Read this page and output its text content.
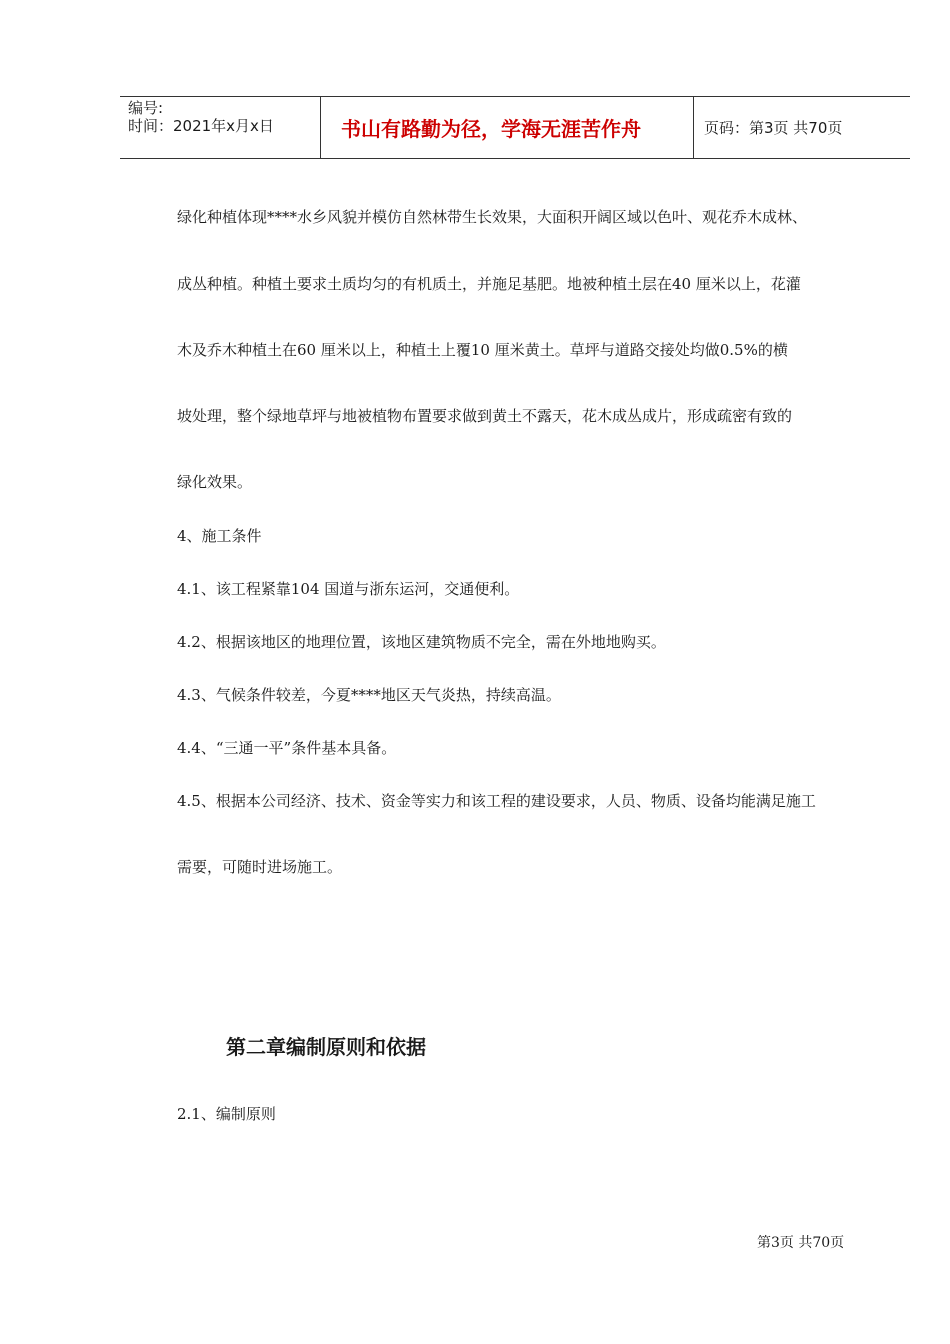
编号:
时间：2021年x月x日	书山有路勤为径，学海无涯苦作舟	页码：第3页 共70页
绿化种植体现****水乡风貌并模仿自然林带生长效果，大面积开阔区域以色叶、观花乔木成林、
成丛种植。种植土要求土质均匀的有机质土，并施足基肥。地被种植土层在40 厘米以上，花灌
木及乔木种植土在60 厘米以上，种植土上覆10 厘米黄土。草坪与道路交接处均做0.5%的横
坡处理，整个绿地草坪与地被植物布置要求做到黄土不露天，花木成丛成片，形成疏密有致的
绿化效果。
4、施工条件
4.1、该工程紧靠104 国道与浙东运河，交通便利。
4.2、根据该地区的地理位置，该地区建筑物质不完全，需在外地地购买。
4.3、气候条件较差，今夏****地区天气炎热，持续高温。
4.4、“三通一平”条件基本具备。
4.5、根据本公司经济、技术、资金等实力和该工程的建设要求，人员、物质、设备均能满足施工
需要，可随时进场施工。
第二章编制原则和依据
2.1、编制原则
第3页 共70页
